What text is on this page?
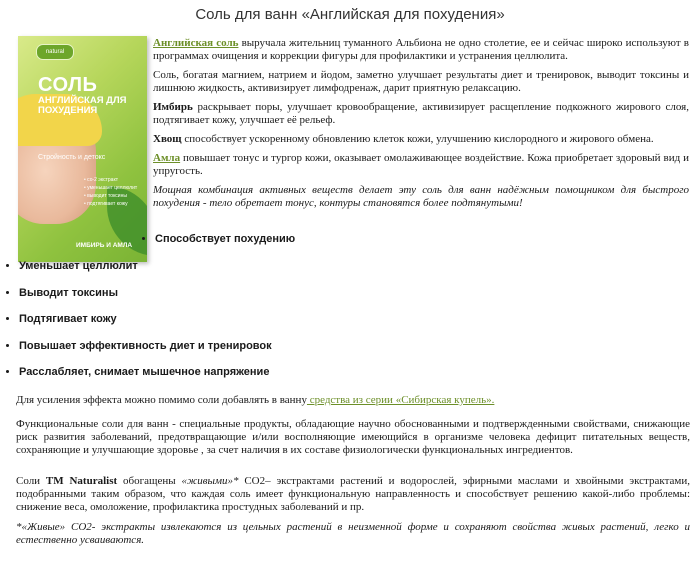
Соль для ванн «Английская для похудения»
natural
СОЛЬ
АНГЛИЙСКАЯ ДЛЯ ПОХУДЕНИЯ
Стройность и детокс
• со-2 экстракт
• уменьшает целлюлит
• выводит токсины
• подтягивает кожу
ИМБИРЬ И АМЛА

Английская соль выручала жительниц туманного Альбиона не одно столетие, ее и сейчас широко используют в программах очищения и коррекции фигуры для профилактики и устранения целлюлита.

Соль, богатая магнием, натрием и йодом, заметно улучшает результаты диет и тренировок, выводит токсины и лишнюю жидкость, активизирует лимфодренаж, дарит приятную релаксацию.

Имбирь раскрывает поры, улучшает кровообращение, активизирует расщепление подкожного жирового слоя, подтягивает кожу, улучшает её рельеф.

Хвощ способствует ускоренному обновлению клеток кожи, улучшению кислородного и жирового обмена.

Амла повышает тонус и тургор кожи, оказывает омолаживающее воздействие. Кожа приобретает здоровый вид и упругость.

Мощная комбинация активных веществ делает эту соль для ванн надёжным помощником для быстрого похудения - тело обретает тонус, контуры становятся более подтянутыми!

• Способствует похудению
• Уменьшает целлюлит
• Выводит токсины
• Подтягивает кожу
• Повышает эффективность диет и тренировок
• Расслабляет, снимает мышечное напряжение
Для усиления эффекта можно помимо соли добавлять в ванну средства из серии «Сибирская купель».
Функциональные соли для ванн - специальные продукты, обладающие научно обоснованными и подтвержденными свойствами, снижающие риск развития заболеваний, предотвращающие и/или восполняющие имеющийся в организме человека дефицит питательных веществ, сохраняющие и улучшающие здоровье , за счет наличия в их составе физиологически функциональных ингредиентов.
Соли TM Naturalist обогащены «живыми»* CO2– экстрактами растений и водорослей, эфирными маслами и хвойными экстрактами, подобранными таким образом, что каждая соль имеет функциональную направленность и способствует решению какой-либо проблемы: снижение веса, омоложение, профилактика простудных заболеваний и пр.
*«Живые» CO2- экстракты извлекаются из цельных растений в неизменной форме и сохраняют свойства живых растений, легко и естественно усваиваются.
